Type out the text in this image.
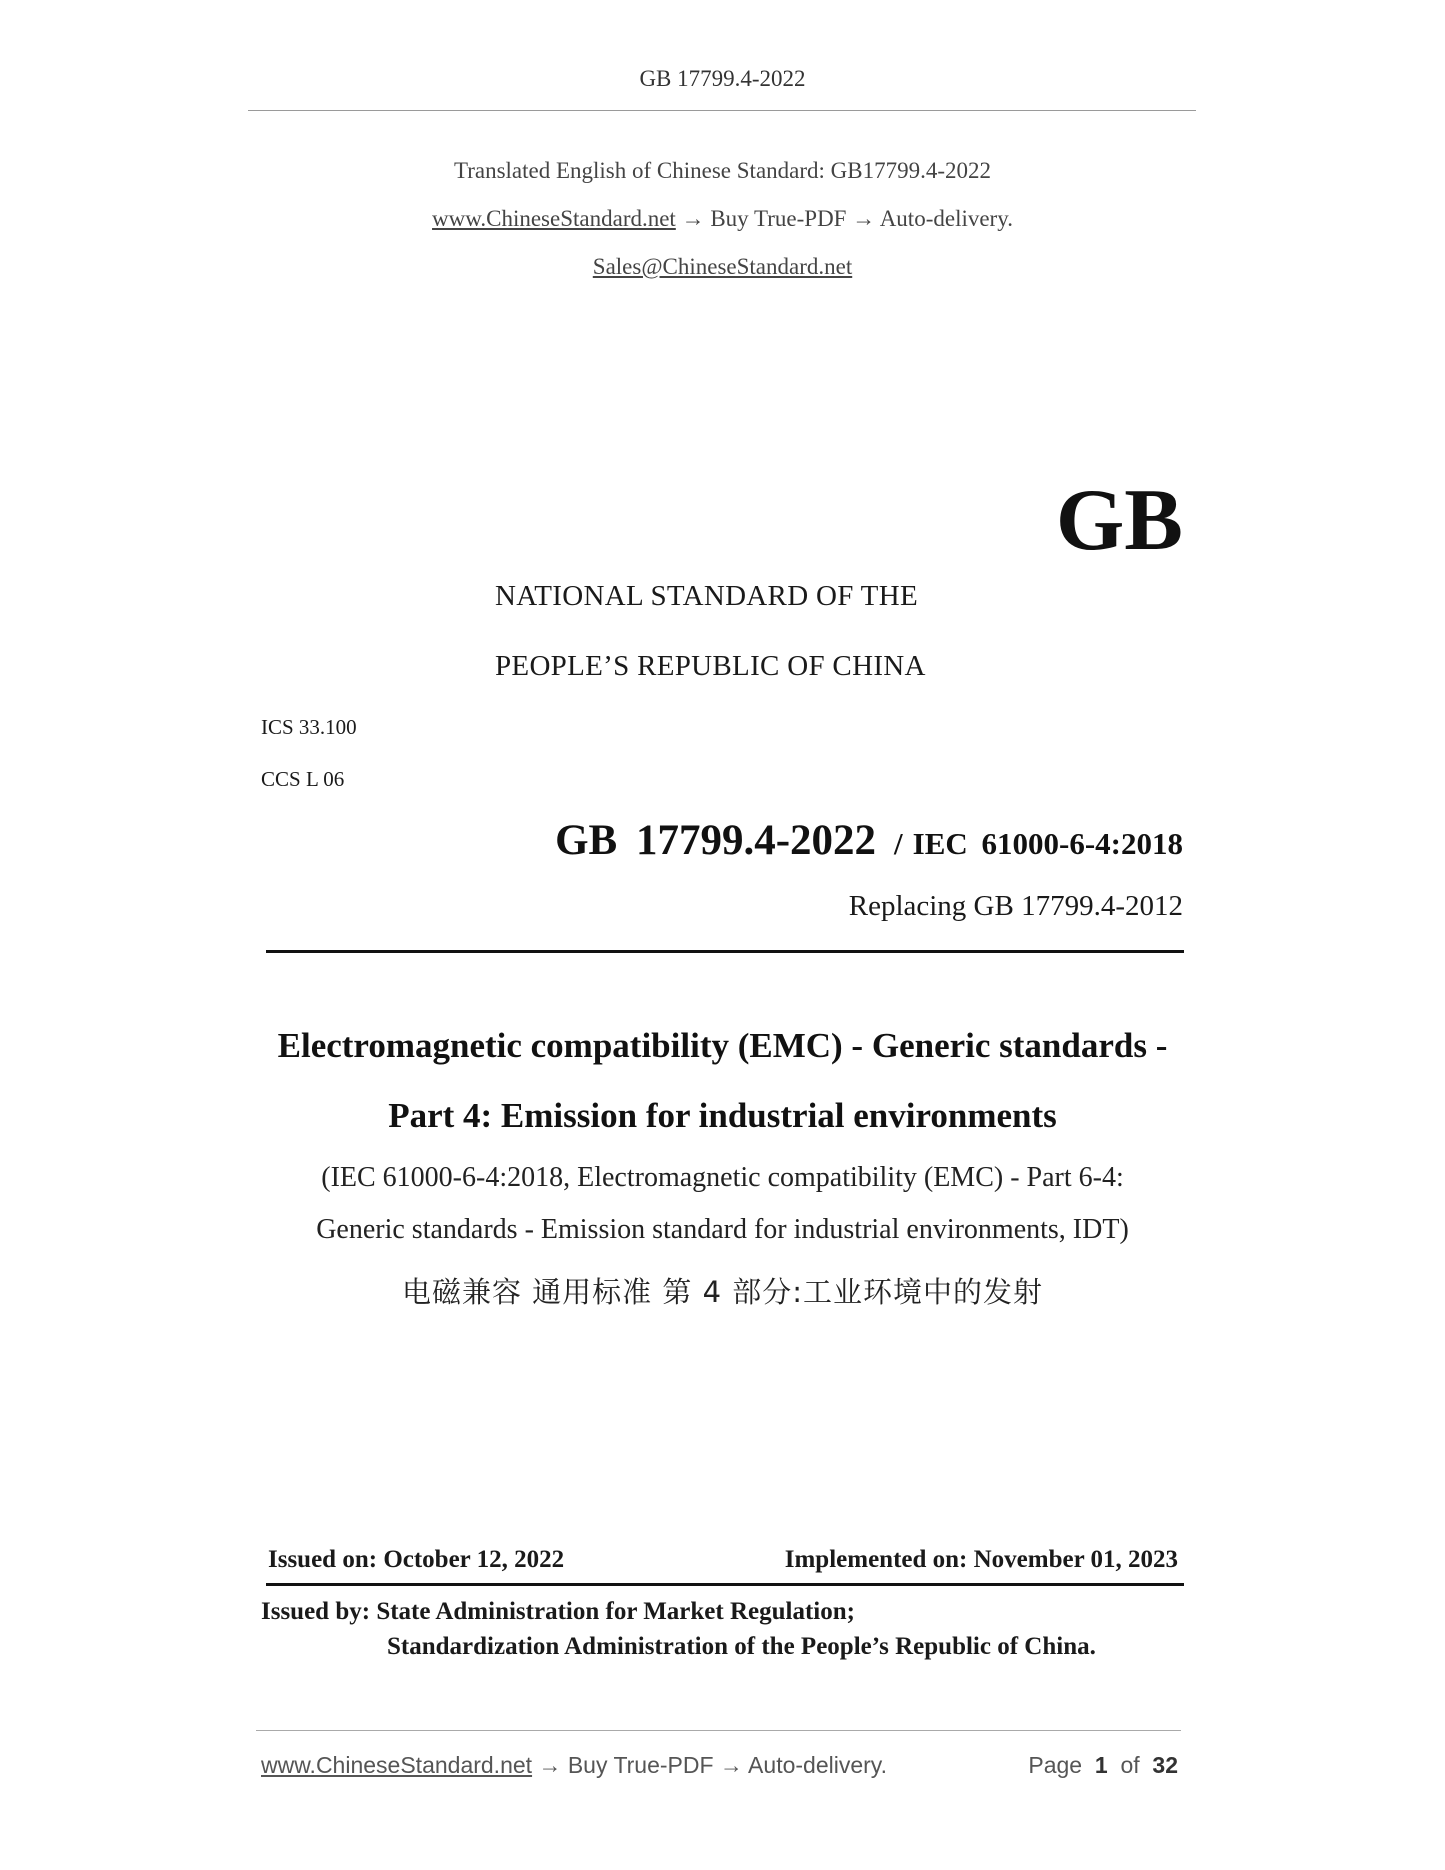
GB 17799.4-2022
Translated English of Chinese Standard: GB17799.4-2022
www.ChineseStandard.net → Buy True-PDF → Auto-delivery.
Sales@ChineseStandard.net
GB
NATIONAL STANDARD OF THE
PEOPLE’S REPUBLIC OF CHINA
ICS 33.100
CCS L 06
GB 17799.4-2022 / IEC 61000-6-4:2018
Replacing GB 17799.4-2012
Electromagnetic compatibility (EMC) - Generic standards -
Part 4: Emission for industrial environments
(IEC 61000-6-4:2018, Electromagnetic compatibility (EMC) - Part 6-4:
Generic standards - Emission standard for industrial environments, IDT)
电磁兼容 通用标准 第 4 部分:工业环境中的发射
Issued on: October 12, 2022	Implemented on: November 01, 2023
Issued by: State Administration for Market Regulation;
Standardization Administration of the People’s Republic of China.
www.ChineseStandard.net → Buy True-PDF → Auto-delivery.	Page 1 of 32
